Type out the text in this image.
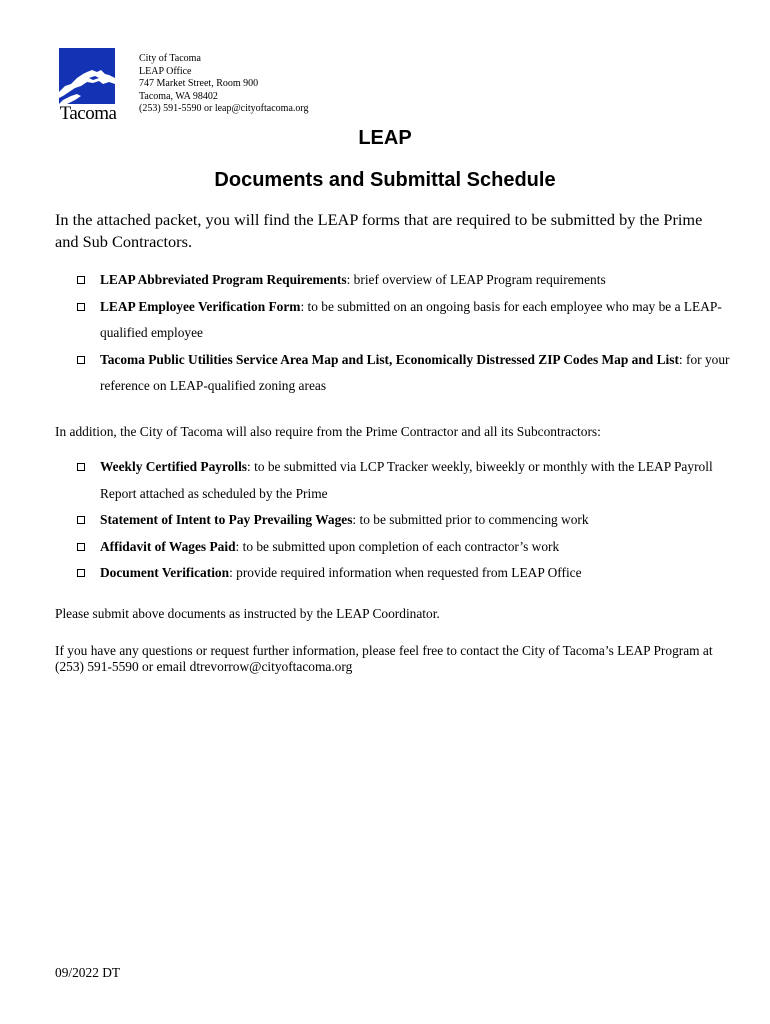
Tacoma
City of Tacoma
LEAP Office
747 Market Street, Room 900
Tacoma, WA 98402
(253) 591-5590 or leap@cityoftacoma.org
LEAP
Documents and Submittal Schedule
In the attached packet, you will find the LEAP forms that are required to be submitted by the Prime and Sub Contractors.
LEAP Abbreviated Program Requirements: brief overview of LEAP Program requirements
LEAP Employee Verification Form: to be submitted on an ongoing basis for each employee who may be a LEAP-qualified employee
Tacoma Public Utilities Service Area Map and List, Economically Distressed ZIP Codes Map and List: for your reference on LEAP-qualified zoning areas
In addition, the City of Tacoma will also require from the Prime Contractor and all its Subcontractors:
Weekly Certified Payrolls: to be submitted via LCP Tracker weekly, biweekly or monthly with the LEAP Payroll Report attached as scheduled by the Prime
Statement of Intent to Pay Prevailing Wages: to be submitted prior to commencing work
Affidavit of Wages Paid: to be submitted upon completion of each contractor’s work
Document Verification: provide required information when requested from LEAP Office
Please submit above documents as instructed by the LEAP Coordinator.
If you have any questions or request further information, please feel free to contact the City of Tacoma’s LEAP Program at (253) 591-5590 or email dtrevorrow@cityoftacoma.org
09/2022 DT
